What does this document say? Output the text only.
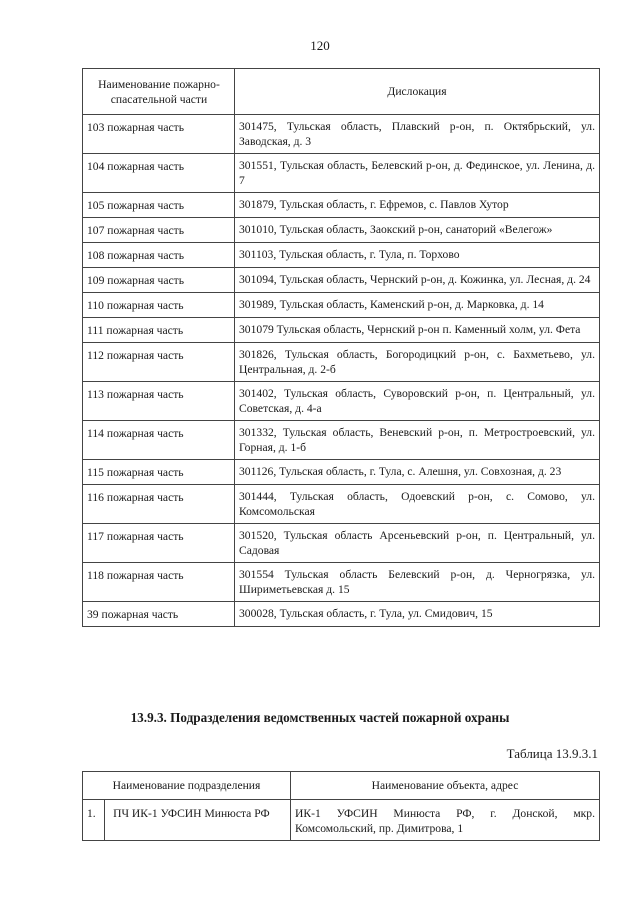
120
Наименование пожарно-спасательной части	Дислокация
103 пожарная часть	301475, Тульская область, Плавский р-он, п. Октябрьский, ул. Заводская, д. 3
104 пожарная часть	301551, Тульская область, Белевский р-он, д. Фединское, ул. Ленина, д. 7
105 пожарная часть	301879, Тульская область, г. Ефремов, с. Павлов Хутор
107 пожарная часть	301010, Тульская область, Заокский р-он, санаторий «Велегож»
108 пожарная часть	301103, Тульская область, г. Тула, п. Торхово
109 пожарная часть	301094, Тульская область, Чернский р-он, д. Кожинка, ул. Лесная, д. 24
110 пожарная часть	301989, Тульская область, Каменский р-он, д. Марковка, д. 14
111 пожарная часть	301079 Тульская область, Чернский р-он п. Каменный холм, ул. Фета
112 пожарная часть	301826, Тульская область, Богородицкий р-он, с. Бахметьево, ул. Центральная, д. 2-б
113 пожарная часть	301402, Тульская область, Суворовский р-он, п. Центральный, ул. Советская, д. 4-а
114 пожарная часть	301332, Тульская область, Веневский р-он, п. Метростроевский, ул. Горная, д. 1-б
115 пожарная часть	301126, Тульская область, г. Тула, с. Алешня, ул. Совхозная, д. 23
116 пожарная часть	301444, Тульская область, Одоевский р-он, с. Сомово, ул. Комсомольская
117 пожарная часть	301520, Тульская область Арсеньевский р-он, п. Центральный, ул. Садовая
118 пожарная часть	301554 Тульская область Белевский р-он, д. Черногрязка, ул. Шириметьевская д. 15
39 пожарная часть	300028, Тульская область, г. Тула, ул. Смидович, 15
13.9.3. Подразделения ведомственных частей пожарной охраны
Таблица 13.9.3.1
Наименование подразделения		Наименование объекта, адрес
1.	ПЧ ИК-1 УФСИН Минюста РФ	ИК-1 УФСИН Минюста РФ, г. Донской, мкр. Комсомольский, пр. Димитрова, 1
